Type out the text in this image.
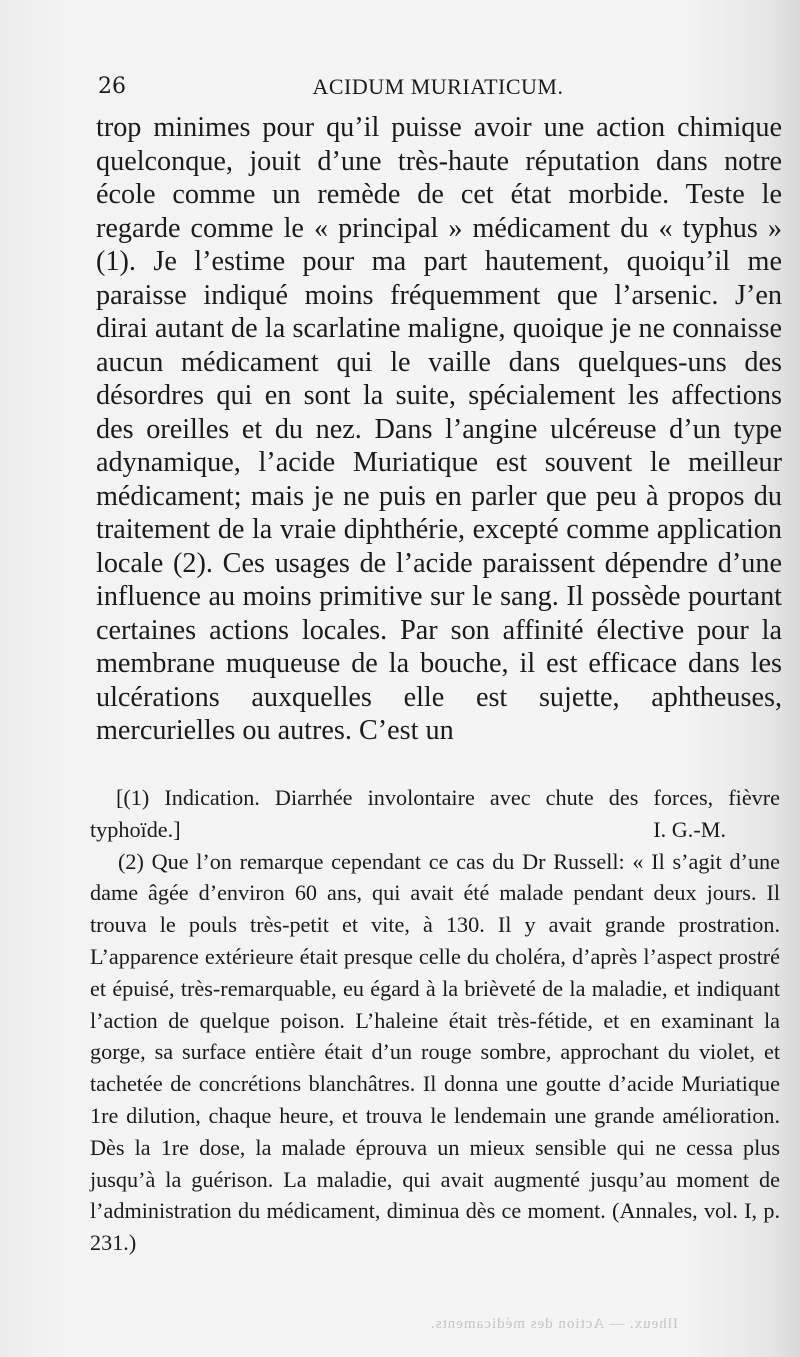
26	ACIDUM MURIATICUM.

trop minimes pour qu’il puisse avoir une action chimique quelconque, jouit d’une très-haute réputation dans notre école comme un remède de cet état morbide. Teste le regarde comme le « principal » médicament du « typhus » (1). Je l’estime pour ma part hautement, quoiqu’il me paraisse indiqué moins fréquemment que l’arsenic. J’en dirai autant de la scarlatine maligne, quoique je ne connaisse aucun médicament qui le vaille dans quelques-uns des désordres qui en sont la suite, spécialement les affections des oreilles et du nez. Dans l’angine ulcéreuse d’un type adynamique, l’acide Muriatique est souvent le meilleur médicament; mais je ne puis en parler que peu à propos du traitement de la vraie diphthérie, excepté comme application locale (2). Ces usages de l’acide paraissent dépendre d’une influence au moins primitive sur le sang. Il possède pourtant certaines actions locales. Par son affinité élective pour la membrane muqueuse de la bouche, il est efficace dans les ulcérations auxquelles elle est sujette, aphtheuses, mercurielles ou autres. C’est un

[(1) Indication. Diarrhée involontaire avec chute des forces, fièvre typhoïde.]	I. G.-M.

(2) Que l’on remarque cependant ce cas du Dr Russell: « Il s’agit d’une dame âgée d’environ 60 ans, qui avait été malade pendant deux jours. Il trouva le pouls très-petit et vite, à 130. Il y avait grande prostration. L’apparence extérieure était presque celle du choléra, d’après l’aspect prostré et épuisé, très-remarquable, eu égard à la brièveté de la maladie, et indiquant l’action de quelque poison. L’haleine était très-fétide, et en examinant la gorge, sa surface entière était d’un rouge sombre, approchant du violet, et tachetée de concrétions blanchâtres. Il donna une goutte d’acide Muriatique 1re dilution, chaque heure, et trouva le lendemain une grande amélioration. Dès la 1re dose, la malade éprouva un mieux sensible qui ne cessa plus jusqu’à la guérison. La maladie, qui avait augmenté jusqu’au moment de l’administration du médicament, diminua dès ce moment. (Annales, vol. I, p. 231.)

Ilheux. — Action des médicaments.
